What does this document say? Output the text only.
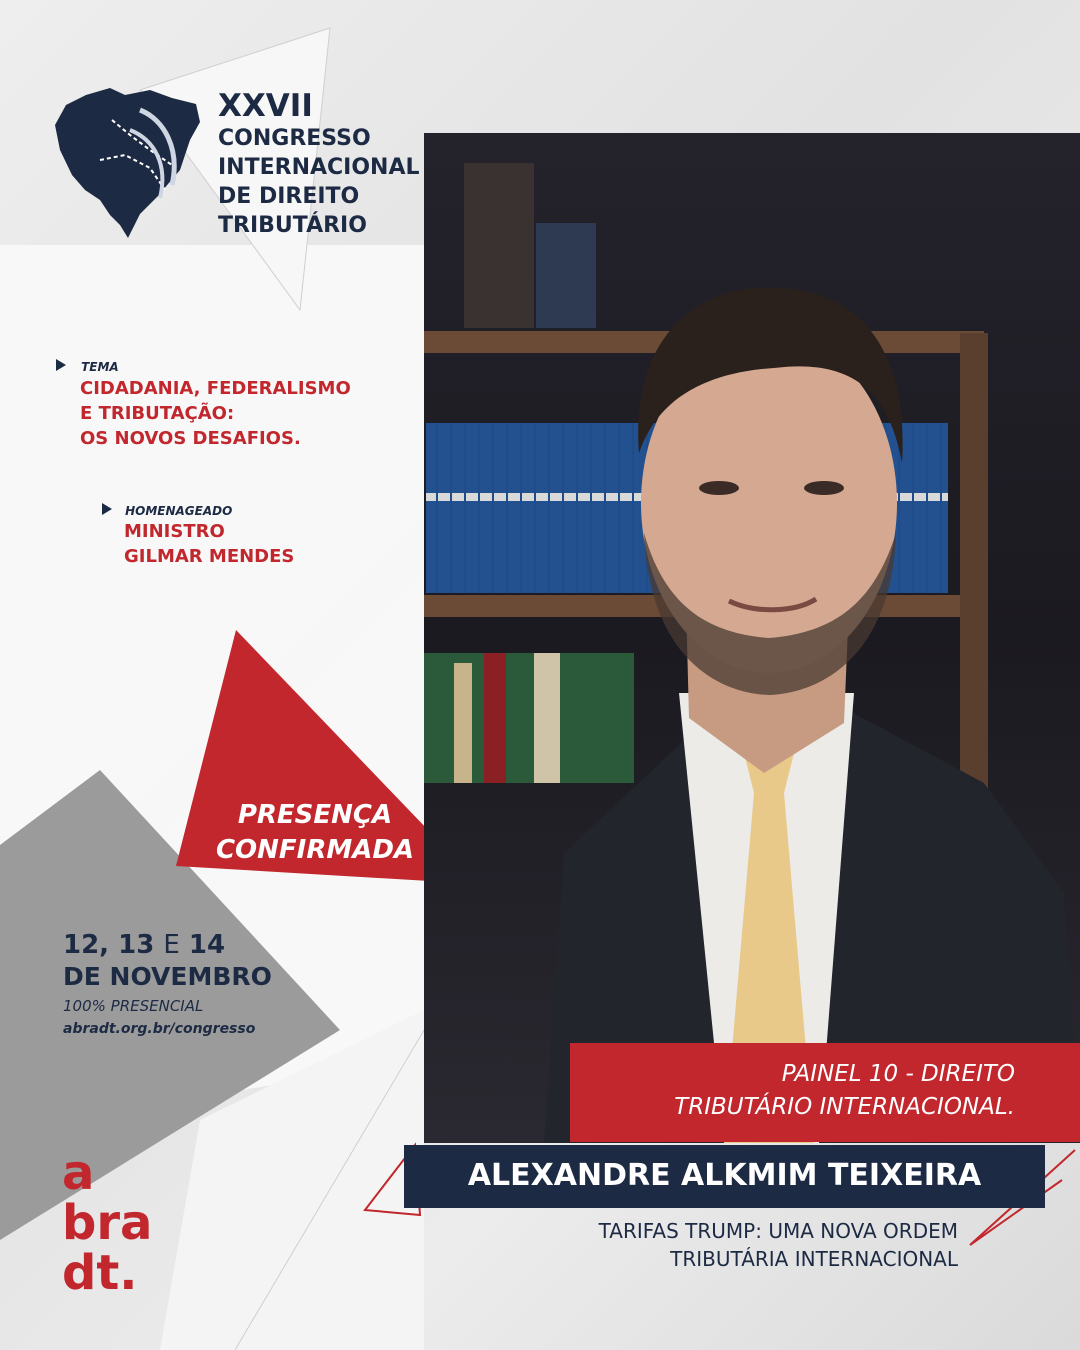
XXVII
CONGRESSO
INTERNACIONAL
DE DIREITO
TRIBUTÁRIO
TEMA
CIDADANIA, FEDERALISMO
E TRIBUTAÇÃO:
OS NOVOS DESAFIOS.
HOMENAGEADO
MINISTRO
GILMAR MENDES
PRESENÇA
CONFIRMADA
12, 13 E 14
DE NOVEMBRO
100% PRESENCIAL
abradt.org.br/congresso
a
bra
dt.
PAINEL 10 - DIREITO
TRIBUTÁRIO INTERNACIONAL.
ALEXANDRE ALKMIM TEIXEIRA
TARIFAS TRUMP: UMA NOVA ORDEM
TRIBUTÁRIA INTERNACIONAL
